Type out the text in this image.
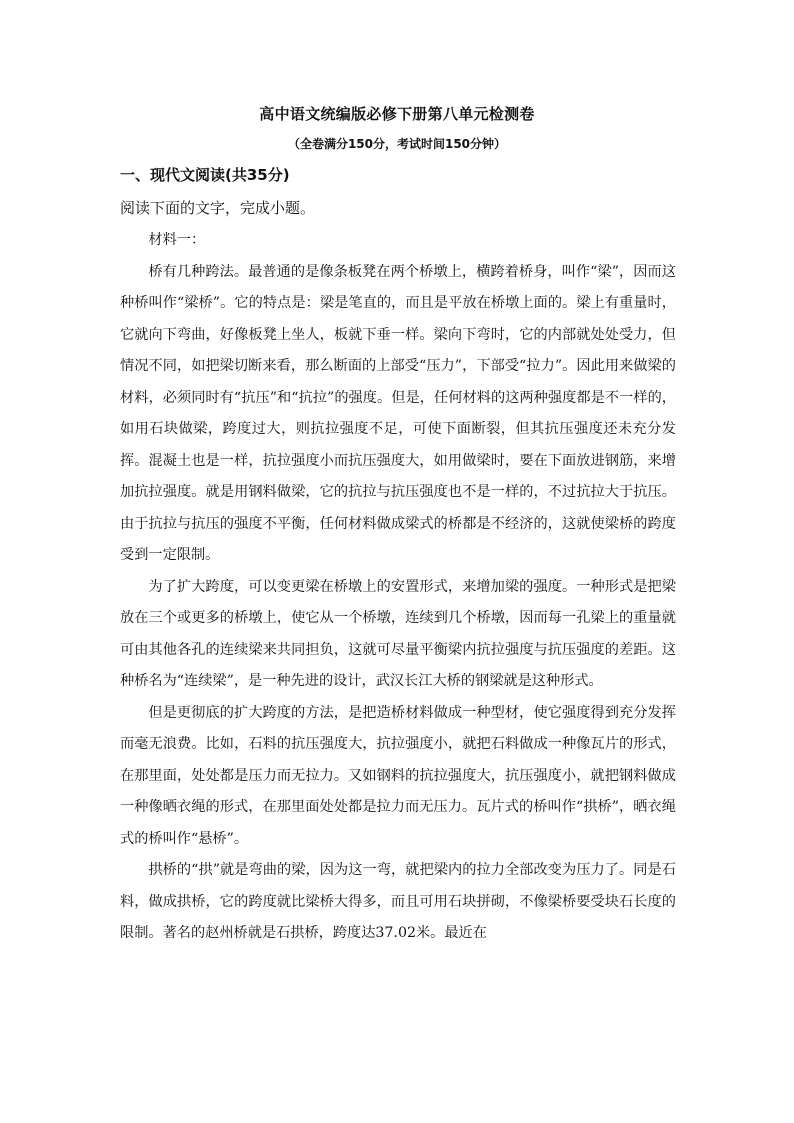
高中语文统编版必修下册第八单元检测卷
（全卷满分150分，考试时间150分钟）
一、现代文阅读(共35分)
阅读下面的文字，完成小题。

材料一：

桥有几种跨法。最普通的是像条板凳在两个桥墩上，横跨着桥身，叫作“梁”，因而这种桥叫作“梁桥”。它的特点是：梁是笔直的，而且是平放在桥墩上面的。梁上有重量时，它就向下弯曲，好像板凳上坐人，板就下垂一样。梁向下弯时，它的内部就处处受力，但情况不同，如把梁切断来看，那么断面的上部受“压力”，下部受“拉力”。因此用来做梁的材料，必须同时有“抗压”和“抗拉”的强度。但是，任何材料的这两种强度都是不一样的，如用石块做梁，跨度过大，则抗拉强度不足，可使下面断裂，但其抗压强度还未充分发挥。混凝土也是一样，抗拉强度小而抗压强度大，如用做梁时，要在下面放进钢筋，来增加抗拉强度。就是用钢料做梁，它的抗拉与抗压强度也不是一样的，不过抗拉大于抗压。由于抗拉与抗压的强度不平衡，任何材料做成梁式的桥都是不经济的，这就使梁桥的跨度受到一定限制。

为了扩大跨度，可以变更梁在桥墩上的安置形式，来增加梁的强度。一种形式是把梁放在三个或更多的桥墩上，使它从一个桥墩，连续到几个桥墩，因而每一孔梁上的重量就可由其他各孔的连续梁来共同担负，这就可尽量平衡梁内抗拉强度与抗压强度的差距。这种桥名为“连续梁”，是一种先进的设计，武汉长江大桥的钢梁就是这种形式。

但是更彻底的扩大跨度的方法，是把造桥材料做成一种型材，使它强度得到充分发挥而毫无浪费。比如，石料的抗压强度大，抗拉强度小，就把石料做成一种像瓦片的形式，在那里面，处处都是压力而无拉力。又如钢料的抗拉强度大，抗压强度小，就把钢料做成一种像晒衣绳的形式，在那里面处处都是拉力而无压力。瓦片式的桥叫作“拱桥”，晒衣绳式的桥叫作“悬桥”。

拱桥的“拱”就是弯曲的梁，因为这一弯，就把梁内的拉力全部改变为压力了。同是石料，做成拱桥，它的跨度就比梁桥大得多，而且可用石块拼砌，不像梁桥要受块石长度的限制。著名的赵州桥就是石拱桥，跨度达37.02米。最近在
